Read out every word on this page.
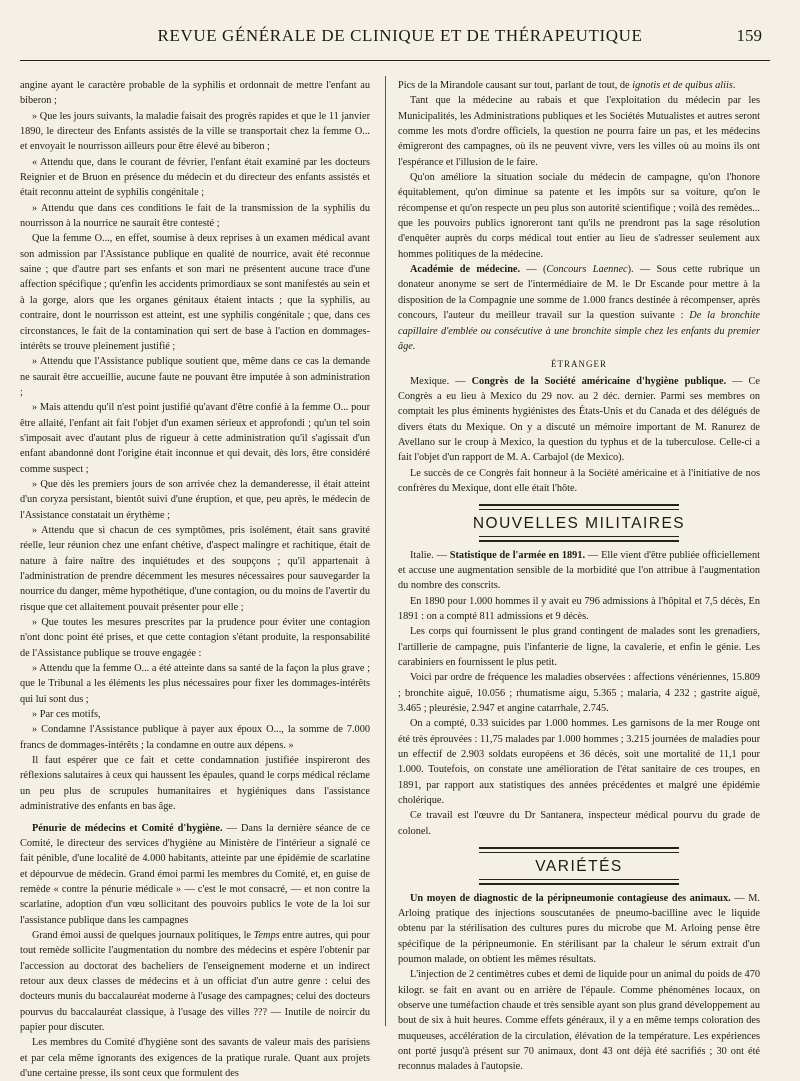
REVUE GÉNÉRALE DE CLINIQUE ET DE THÉRAPEUTIQUE	159

angine ayant le caractère probable de la syphilis et ordonnait de mettre l'enfant au biberon ;

» Que les jours suivants, la maladie faisait des progrès rapides et que le 11 janvier 1890, le directeur des Enfants assistés de la ville se transportait chez la femme O... et envoyait le nourrisson ailleurs pour être élevé au biberon ;

« Attendu que, dans le courant de février, l'enfant était examiné par les docteurs Reignier et de Bruon en présence du médecin et du directeur des enfants assistés et était reconnu atteint de syphilis congénitale ;

» Attendu que dans ces conditions le fait de la transmission de la syphilis du nourrisson à la nourrice ne saurait être contesté ;

Que la femme O..., en effet, soumise à deux reprises à un examen médical avant son admission par l'Assistance publique en qualité de nourrice, avait été reconnue saine ; que d'autre part ses enfants et son mari ne présentent aucune trace d'une affection spécifique ; qu'enfin les accidents primordiaux se sont manifestés au sein et à la gorge, alors que les organes génitaux étaient intacts ; que la syphilis, au contraire, dont le nourrisson est atteint, est une syphilis congénitale ; que, dans ces circonstances, le fait de la contamination qui sert de base à l'action en dommages-intérêts se trouve pleinement justifié ;

» Attendu que l'Assistance publique soutient que, même dans ce cas la demande ne saurait être accueillie, aucune faute ne pouvant être imputée à son administration ;

» Mais attendu qu'il n'est point justifié qu'avant d'être confié à la femme O... pour être allaité, l'enfant ait fait l'objet d'un examen sérieux et approfondi ; qu'un tel soin s'imposait avec d'autant plus de rigueur à cette administration qu'il s'agissait d'un enfant abandonné dont l'origine était inconnue et qui devait, dès lors, être considéré comme suspect ;

» Que dès les premiers jours de son arrivée chez la demanderesse, il était atteint d'un coryza persistant, bientôt suivi d'une éruption, et que, peu après, le médecin de l'Assistance constatait un érythème ;

» Attendu que si chacun de ces symptômes, pris isolément, était sans gravité réelle, leur réunion chez une enfant chétive, d'aspect malingre et rachitique, était de nature à faire naître des inquiétudes et des soupçons ; qu'il appartenait à l'administration de prendre décemment les mesures nécessaires pour sauvegarder la nourrice du danger, même hypothétique, d'une contagion, ou du moins de l'avertir du risque que cet allaitement pouvait présenter pour elle ;

» Que toutes les mesures prescrites par la prudence pour éviter une contagion n'ont donc point été prises, et que cette contagion s'étant produite, la responsabilité de l'Assistance publique se trouve engagée :

» Attendu que la femme O... a été atteinte dans sa santé de la façon la plus grave ; que le Tribunal a les éléments les plus nécessaires pour fixer les dommages-intérêts qui lui sont dus ;

» Par ces motifs,

» Condamne l'Assistance publique à payer aux époux O..., la somme de 7.000 francs de dommages-intérêts ; la condamne en outre aux dépens. »

Il faut espérer que ce fait et cette condamnation justifiée inspireront des réflexions salutaires à ceux qui haussent les épaules, quand le corps médical réclame un peu plus de scrupules humanitaires et hygiéniques dans l'assistance administrative des enfants en bas âge.

Pénurie de médecins et Comité d'hygiène. — Dans la dernière séance de ce Comité, le directeur des services d'hygiène au Ministère de l'intérieur a signalé ce fait pénible, d'une localité de 4.000 habitants, atteinte par une épidémie de scarlatine et dépourvue de médecin. Grand émoi parmi les membres du Comité, et, en guise de remède « contre la pénurie médicale » — c'est le mot consacré, — et non contre la scarlatine, adoption d'un vœu sollicitant des pouvoirs publics le vote de la loi sur l'assistance publique dans les campagnes

Grand émoi aussi de quelques journaux politiques, le Temps entre autres, qui pour tout remède sollicite l'augmentation du nombre des médecins et espère l'obtenir par l'accession au doctorat des bacheliers de l'enseignement moderne et un indirect retour aux deux classes de médecins et à un officiat d'un autre genre : celui des docteurs munis du baccalauréat moderne à l'usage des campagnes; celui des docteurs pourvus du baccalauréat classique, à l'usage des villes ??? — Inutile de noircir du papier pour discuter.

Les membres du Comité d'hygiène sont des savants de valeur mais des parisiens et par cela même ignorants des exigences de la pratique rurale. Quant aux projets d'une certaine presse, ils sont ceux que formulent des

Pics de la Mirandole causant sur tout, parlant de tout, de ignotis et de quibus aliis.

Tant que la médecine au rabais et que l'exploitation du médecin par les Municipalités, les Administrations publiques et les Sociétés Mutualistes et autres seront comme les mots d'ordre officiels, la question ne pourra faire un pas, et les médecins émigreront des campagnes, où ils ne peuvent vivre, vers les villes où au moins ils ont l'espérance et l'illusion de le faire.

Qu'on améliore la situation sociale du médecin de campagne, qu'on l'honore équitablement, qu'on diminue sa patente et les impôts sur sa voiture, qu'on le récompense et qu'on respecte un peu plus son autorité scientifique ; voilà des remèdes... que les pouvoirs publics ignoreront tant qu'ils ne prendront pas la sage résolution d'enquêter auprès du corps médical tout entier au lieu de s'adresser seulement aux hommes politiques de la médecine.

Académie de médecine. — (Concours Laennec). — Sous cette rubrique un donateur anonyme se sert de l'intermédiaire de M. le Dr Escande pour mettre à la disposition de la Compagnie une somme de 1.000 francs destinée à récompenser, après concours, l'auteur du meilleur travail sur la question suivante : De la bronchite capillaire d'emblée ou consécutive à une bronchite simple chez les enfants du premier âge.

ÉTRANGER

Mexique. — Congrès de la Société américaine d'hygiène publique. — Ce Congrès a eu lieu à Mexico du 29 nov. au 2 déc. dernier. Parmi ses membres on comptait les plus éminents hygiénistes des États-Unis et du Canada et des délégués de divers états du Mexique. On y a discuté un mémoire important de M. Ranurez de Avellano sur le croup à Mexico, la question du typhus et de la tuberculose. Celle-ci a fait l'objet d'un rapport de M. A. Carbajol (de Mexico).

Le succès de ce Congrès fait honneur à la Société américaine et à l'initiative de nos confrères du Mexique, dont elle était l'hôte.

NOUVELLES MILITAIRES

Italie. — Statistique de l'armée en 1891. — Elle vient d'être publiée officiellement et accuse une augmentation sensible de la morbidité que l'on attribue à l'augmentation du nombre des conscrits.

En 1890 pour 1.000 hommes il y avait eu 796 admissions à l'hôpital et 7,5 décès, En 1891 : on a compté 811 admissions et 9 décès.

Les corps qui fournissent le plus grand contingent de malades sont les grenadiers, l'artillerie de campagne, puis l'infanterie de ligne, la cavalerie, et enfin le génie. Les carabiniers en fournissent le plus petit.

Voici par ordre de fréquence les maladies observées : affections vénériennes, 15.809 ; bronchite aiguë, 10.056 ; rhumatisme aigu, 5.365 ; malaria, 4 232 ; gastrite aiguë, 3.465 ; pleurésie, 2.947 et angine catarrhale, 2.745.

On a compté, 0.33 suicides par 1.000 hommes. Les garnisons de la mer Rouge ont été très éprouvées : 11,75 malades par 1.000 hommes ; 3.215 journées de maladies pour un effectif de 2.903 soldats européens et 36 décès, soit une mortalité de 11,1 pour 1.000. Toutefois, on constate une amélioration de l'état sanitaire de ces troupes, en 1891, par rapport aux statistiques des années précédentes et malgré une épidémie cholérique.

Ce travail est l'œuvre du Dr Santanera, inspecteur médical pourvu du grade de colonel.

VARIÉTÉS

Un moyen de diagnostic de la péripneumonie contagieuse des animaux. — M. Arloing pratique des injections souscutanées de pneumo-bacilline avec le liquide obtenu par la stérilisation des cultures pures du microbe que M. Arloing pense être spécifique de la péripneumonie. En stérilisant par la chaleur le sérum extrait d'un poumon malade, on obtient les mêmes résultats.

L'injection de 2 centimètres cubes et demi de liquide pour un animal du poids de 470 kilogr. se fait en avant ou en arrière de l'épaule. Comme phénomènes locaux, on observe une tuméfaction chaude et très sensible ayant son plus grand développement au bout de six à huit heures. Comme effets généraux, il y a en même temps coloration des muqueuses, accélération de la circulation, élévation de la température. Les expériences ont porté jusqu'à présent sur 70 animaux, dont 43 ont déjà été sacrifiés ; 30 ont été reconnus malades à l'autopsie.
